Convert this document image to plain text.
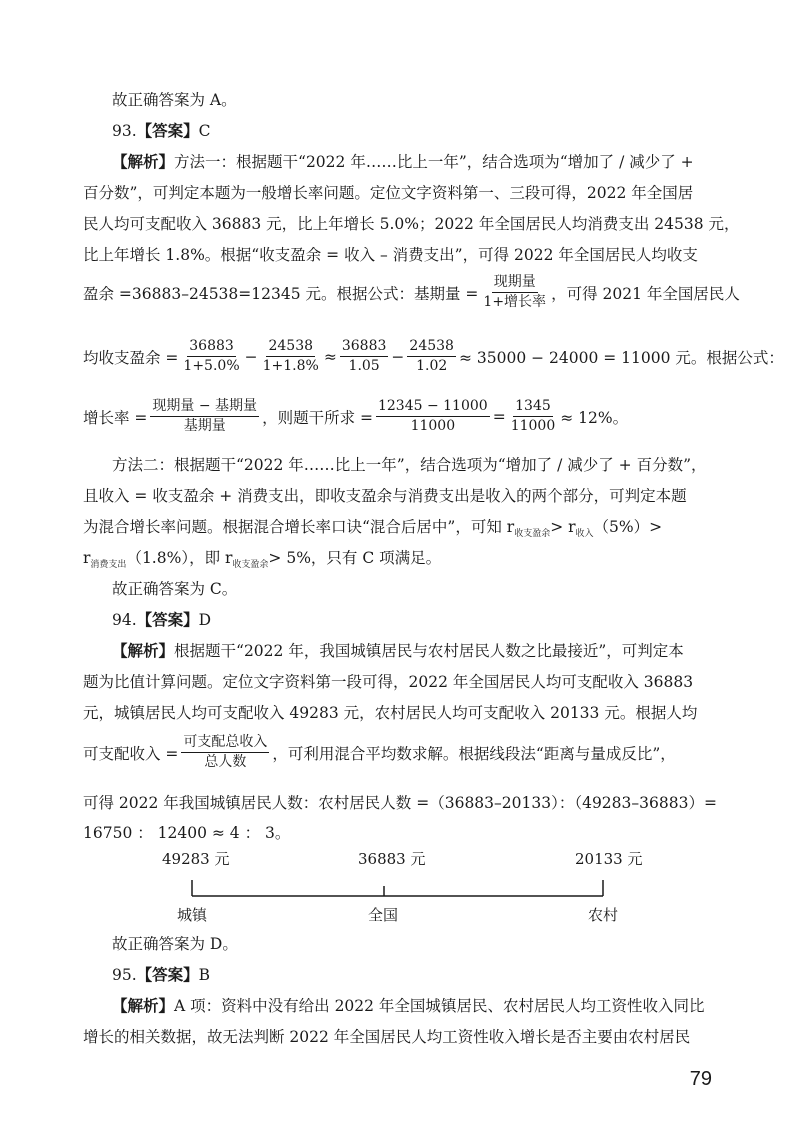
故正确答案为 A。
93.【答案】C
【解析】方法一：根据题干“2022 年……比上一年”，结合选项为“增加了 / 减少了 +
百分数”，可判定本题为一般增长率问题。定位文字资料第一、三段可得，2022 年全国居
民人均可支配收入 36883 元，比上年增长 5.0%；2022 年全国居民人均消费支出 24538 元，
比上年增长 1.8%。根据“收支盈余 = 收入 – 消费支出”，可得 2022 年全国居民人均收支
盈余 =36883–24538=12345 元。根据公式：基期量 = $\frac{\text{现期量}}{\text{1+增长率}}$ ，可得 2021 年全国居民人
均收支盈余 = $\frac{36883}{1+5.0\%} - \frac{24538}{1+1.8\%} \approx \frac{36883}{1.05} - \frac{24538}{1.02} \approx 35000 - 24000 = 11000$ 元。根据公式：
增长率 = $\frac{\text{现期量 − 基期量}}{\text{基期量}}$ ，则题干所求 = $\frac{12345 - 11000}{11000} = \frac{1345}{11000} \approx 12\%$。
方法二：根据题干“2022 年……比上一年”，结合选项为“增加了 / 减少了 + 百分数”，
且收入 = 收支盈余 + 消费支出，即收支盈余与消费支出是收入的两个部分，可判定本题
为混合增长率问题。根据混合增长率口诀“混合后居中”，可知 $r_{收支盈余}> r_{收入}(5\%)>$
$r_{消费支出}(1.8\%)$，即 $r_{收支盈余}> 5\%$，只有 C 项满足。
故正确答案为 C。
94.【答案】D
【解析】根据题干“2022 年，我国城镇居民与农村居民人数之比最接近”，可判定本
题为比值计算问题。定位文字资料第一段可得，2022 年全国居民人均可支配收入 36883
元，城镇居民人均可支配收入 49283 元，农村居民人均可支配收入 20133 元。根据人均
可支配收入 = $\frac{\text{可支配总收入}}{\text{总人数}}$ ，可利用混合平均数求解。根据线段法“距离与量成反比”，
可得 2022 年我国城镇居民人数：农村居民人数 =（36883–20133）：（49283–36883）=
16750 ： 12400 ≈ 4 ： 3。
49283 元	36883 元	20133 元
城镇	全国	农村
故正确答案为 D。
95.【答案】B
【解析】A 项：资料中没有给出 2022 年全国城镇居民、农村居民人均工资性收入同比
增长的相关数据，故无法判断 2022 年全国居民人均工资性收入增长是否主要由农村居民
79
